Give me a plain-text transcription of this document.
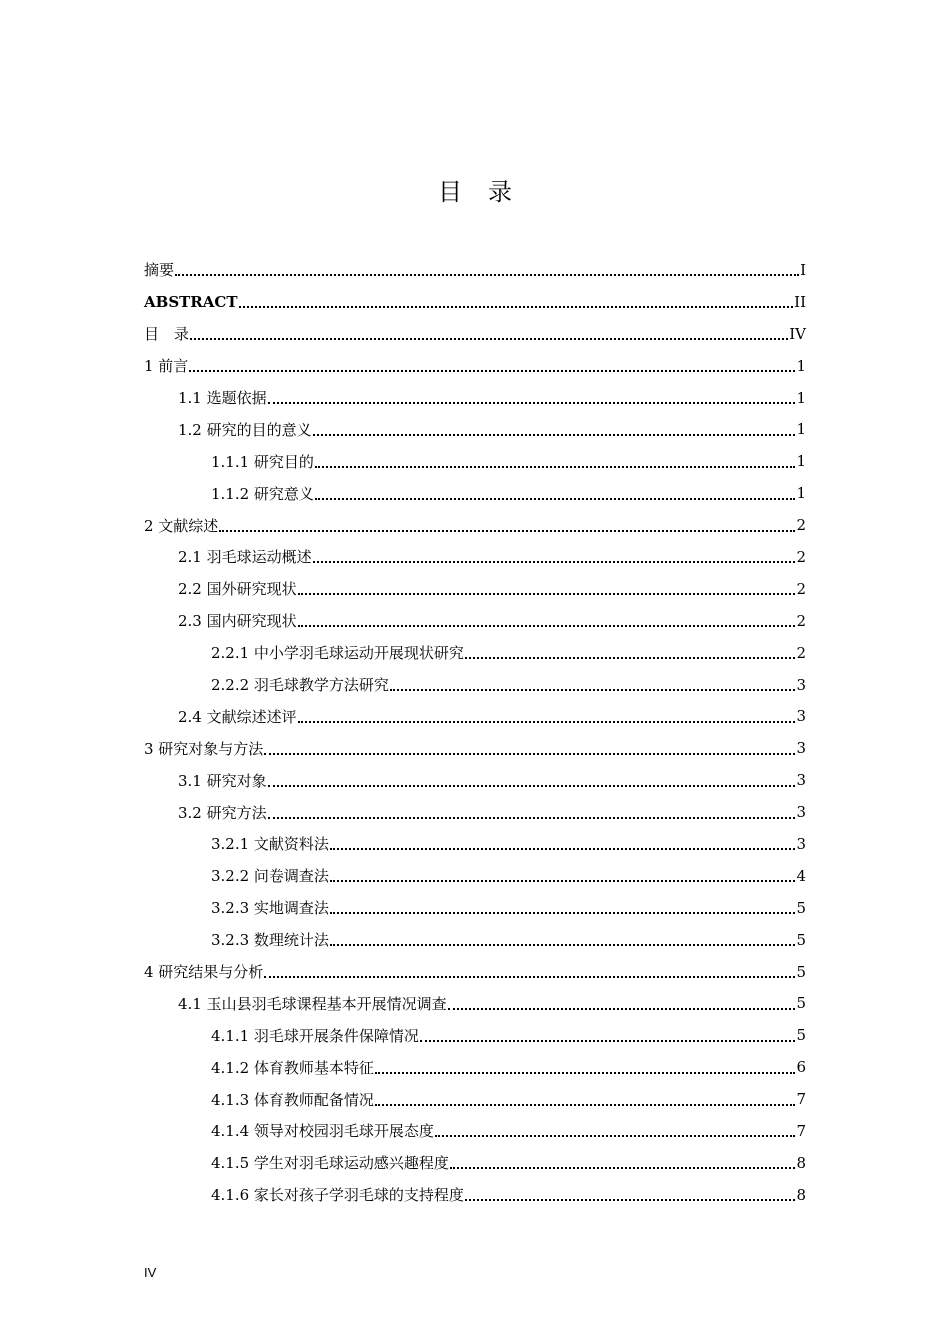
目录
摘要	I
ABSTRACT	II
目　录	IV
1 前言	1
1.1 选题依据	1
1.2 研究的目的意义	1
1.1.1 研究目的	1
1.1.2 研究意义	1
2 文献综述	2
2.1 羽毛球运动概述	2
2.2 国外研究现状	2
2.3 国内研究现状	2
2.2.1 中小学羽毛球运动开展现状研究	2
2.2.2 羽毛球教学方法研究	3
2.4 文献综述述评	3
3 研究对象与方法	3
3.1 研究对象	3
3.2 研究方法	3
3.2.1 文献资料法	3
3.2.2 问卷调查法	4
3.2.3 实地调查法	5
3.2.3 数理统计法	5
4 研究结果与分析	5
4.1 玉山县羽毛球课程基本开展情况调查	5
4.1.1 羽毛球开展条件保障情况	5
4.1.2 体育教师基本特征	6
4.1.3 体育教师配备情况	7
4.1.4 领导对校园羽毛球开展态度	7
4.1.5 学生对羽毛球运动感兴趣程度	8
4.1.6 家长对孩子学羽毛球的支持程度	8
IV
